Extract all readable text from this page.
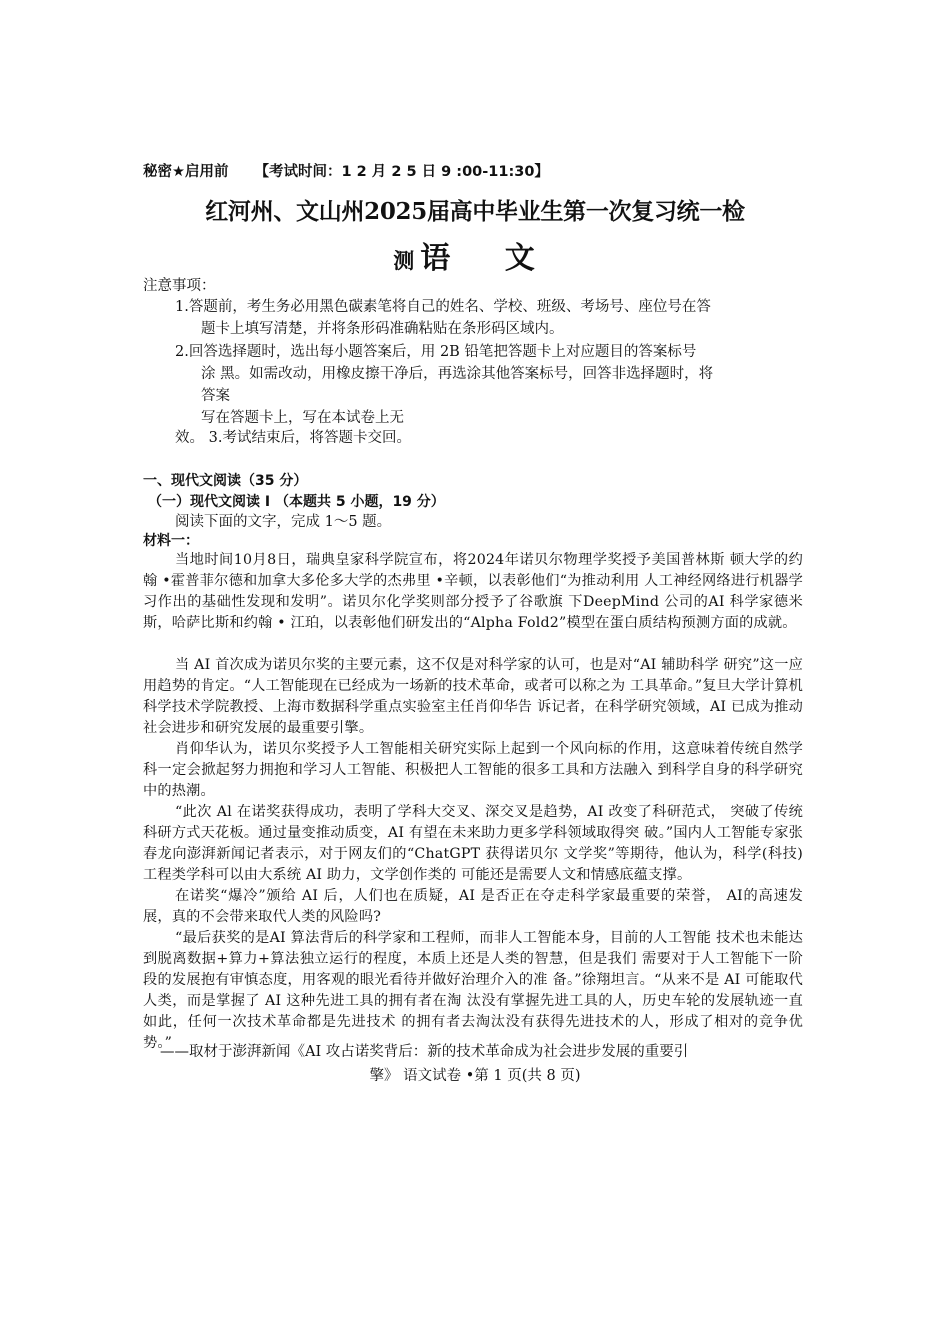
秘密★启用前 【考试时间：1 2 月 2 5 日 9 :00-11:30】
红河州、文山州2025届高中毕业生第一次复习统一检
测 语 文
注意事项：
1.答题前，考生务必用黑色碳素笔将自己的姓名、学校、班级、考场号、座位号在答
题卡上填写清楚，并将条形码准确粘贴在条形码区域内。
2.回答选择题时，选出每小题答案后，用 2B 铅笔把答题卡上对应题目的答案标号
涂 黑。如需改动，用橡皮擦干净后，再选涂其他答案标号，回答非选择题时，将
答案
写在答题卡上，写在本试卷上无
效。 3.考试结束后，将答题卡交回。
一、现代文阅读（35 分）
（一）现代文阅读 I （本题共 5 小题，19 分）
阅读下面的文字，完成 1～5 题。
材料一：
当地时间10月8日，瑞典皇家科学院宣布，将2024年诺贝尔物理学奖授予美国普林斯 顿大学的约翰 •霍普菲尔德和加拿大多伦多大学的杰弗里 •辛顿，以表彰他们“为推动利用 人工神经网络进行机器学习作出的基础性发现和发明”。诺贝尔化学奖则部分授予了谷歌旗 下DeepMind 公司的AI 科学家德米斯，哈萨比斯和约翰 • 江珀，以表彰他们研发出的“Alpha Fold2”模型在蛋白质结构预测方面的成就。
当 AI 首次成为诺贝尔奖的主要元素，这不仅是对科学家的认可，也是对“AI 辅助科学 研究”这一应用趋势的肯定。“人工智能现在已经成为一场新的技术革命，或者可以称之为 工具革命。”复旦大学计算机科学技术学院教授、上海市数据科学重点实验室主任肖仰华告 诉记者，在科学研究领域，AI 已成为推动社会进步和研究发展的最重要引擎。
肖仰华认为，诺贝尔奖授予人工智能相关研究实际上起到一个风向标的作用，这意味着传统自然学科一定会掀起努力拥抱和学习人工智能、积极把人工智能的很多工具和方法融入 到科学自身的科学研究中的热潮。
“此次 Al 在诺奖获得成功，表明了学科大交叉、深交叉是趋势，AI 改变了科研范式， 突破了传统科研方式天花板。通过量变推动质变，AI 有望在未来助力更多学科领域取得突 破。”国内人工智能专家张春龙向澎湃新闻记者表示，对于网友们的“ChatGPT 获得诺贝尔 文学奖”等期待，他认为，科学(科技)工程类学科可以由大系统 AI 助力，文学创作类的 可能还是需要人文和情感底蕴支撑。
在诺奖“爆冷”颁给 AI 后，人们也在质疑，AI 是否正在夺走科学家最重要的荣誉， AI的高速发展，真的不会带来取代人类的风险吗?
“最后获奖的是AI 算法背后的科学家和工程师，而非人工智能本身，目前的人工智能 技术也未能达到脱离数据+算力+算法独立运行的程度，本质上还是人类的智慧，但是我们 需要对于人工智能下一阶段的发展抱有审慎态度，用客观的眼光看待并做好治理介入的准 备。”徐翔坦言。“从来不是 AI 可能取代人类，而是掌握了 AI 这种先进工具的拥有者在淘 汰没有掌握先进工具的人，历史车轮的发展轨迹一直如此，任何一次技术革命都是先进技术 的拥有者去淘汰没有获得先进技术的人，形成了相对的竞争优势。”
——取材于澎湃新闻《AI 攻占诺奖背后：新的技术革命成为社会进步发展的重要引
擎》 语文试卷 •第 1 页(共 8 页)
